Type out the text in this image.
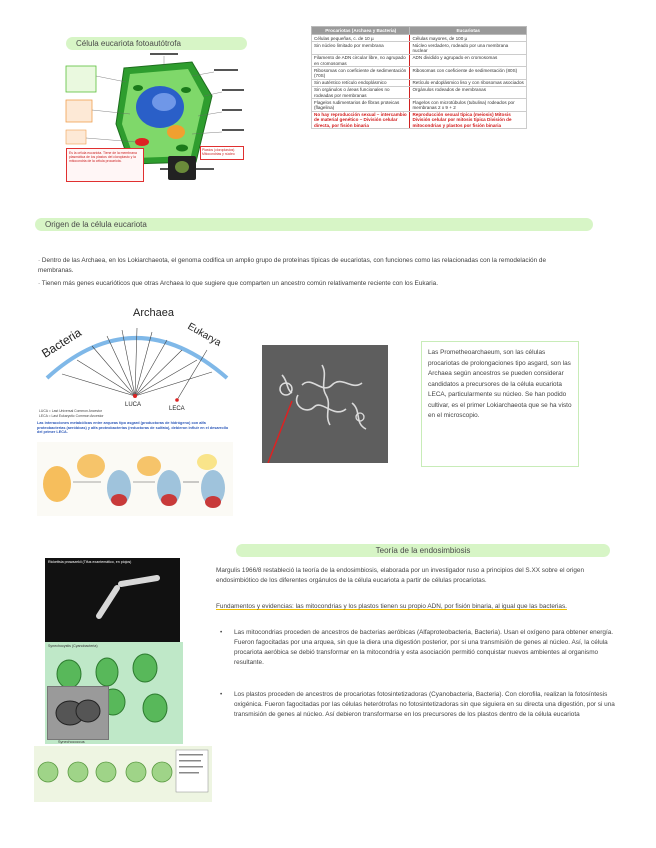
Célula eucariota fotoautótrofa
Es la célula eucariota. Tiene de la membrana plasmática de los plastos del cloroplasto y la mitocondria de la célula procariota.
Plastos (cloroplastos) Mitocondrias y núcleo
Procariotas (Archaea y Bacteria)	Eucariotas
Células pequeñas, c. de 10 µ	Células mayores, de 100 µ
Sin núcleo limitado por membrana	Núcleo verdadero, rodeado por una membrana nuclear
Filamento de ADN circular libre, no agrupado en cromosomas	ADN dividido y agrupado en cromosomas
Ribosomas con coeficiente de sedimentación (70S)	Ribosomas con coeficiente de sedimentación (80S)
Sin auténtico retículo endoplásmico	Retículo endoplásmico liso y con ribosomas asociados
Sin orgánulos o áreas funcionales no rodeadas por membranas	Orgánulos rodeados de membranas
Flagelos rudimentarios de fibras proteicas (flagelina)	Flagelos con microtúbulos (tubulina) rodeados por membranas 2 x 9 + 2
No hay reproducción sexual – intercambio de material genético – División celular directa, por fisión binaria	Reproducción sexual típica (meiosis) Mitosis División celular por mitosis típica División de mitocondrias y plastos por fisión binaria
Origen de la célula eucariota
· Dentro de las Archaea, en los Lokiarchaeota, el genoma codifica un amplio grupo de proteínas típicas de eucariotas, con funciones como las relacionadas con la remodelación de membranas.
· Tienen más genes eucarióticos que otras Archaea lo que sugiere que comparten un ancestro común relativamente reciente con los Eukaria.
Bacteria
Archaea
Eukarya
LUCA
LECA
LUCA = Last Universal Common Ancestor
LECA = Last Eukaryotic Common Ancestor
Las interacciones metabólicas entre arqueas tipo asgard (productoras de hidrógeno) con alfa proteobacterias (aeróbicas) y alfa proteobacterias (reductoras de sulfato), debieron influir en el desarrollo del primer LECA.
Las Prometheoarchaeum, son las células procariotas de prolongaciones tipo asgard, son las Archaea según ancestros se pueden considerar candidatos a precursores de la célula eucariota LECA, particularmente su núcleo. Se han podido cultivar, es el primer Lokiarchaeota que se ha visto en el microscopio.
Teoría de la endosimbiosis
Rickettsia prowazekii (Tifus exantemático, en piojos)
Synechocystis (Cyanobacteria)
Synechococcus
Margulis 1966/8 restableció la teoría de la endosimbiosis, elaborada por un investigador ruso a principios del S.XX sobre el origen endosimbiótico de los diferentes orgánulos de la célula eucariota a partir de células procariotas.
Fundamentos y evidencias: las mitocondrias y los plastos tienen su propio ADN, por fisión binaria, al igual que las bacterias.
• Las mitocondrias proceden de ancestros de bacterias aeróbicas (Alfaproteobacteria, Bacteria). Usan el oxígeno para obtener energía. Fueron fagocitadas por una arquea, sin que la diera una digestión posterior, por si una transmisión de genes al núcleo. Así, la célula procariota aeróbica se debió transformar en la mitocondria y esta asociación permitió conquistar nuevos ambientes al organismo resultante.
• Los plastos proceden de ancestros de procariotas fotosintetizadoras (Cyanobacteria, Bacteria). Con clorofila, realizan la fotosíntesis oxigénica. Fueron fagocitadas por las células heterótrofas no fotosintetizadoras sin que siguiera en su directa una digestión, por si una transmisión de genes al núcleo. Así debieron transformarse en los precursores de los plastos dentro de la célula eucariota
